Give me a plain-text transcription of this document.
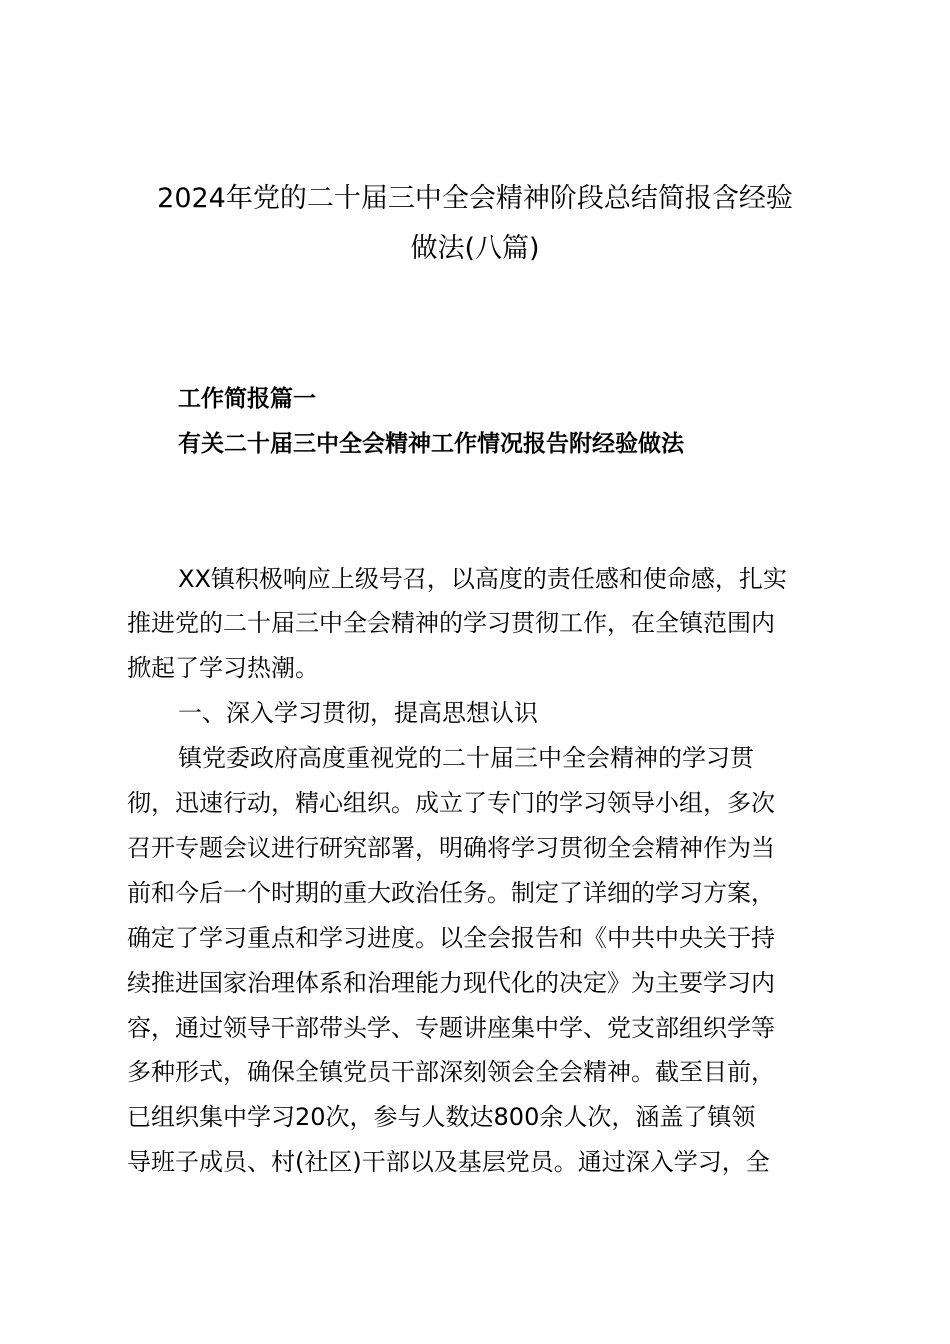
2024年党的二十届三中全会精神阶段总结简报含经验
做法(八篇)
工作简报篇一
有关二十届三中全会精神工作情况报告附经验做法
XX镇积极响应上级号召，以高度的责任感和使命感，扎实
推进党的二十届三中全会精神的学习贯彻工作，在全镇范围内
掀起了学习热潮。
一、深入学习贯彻，提高思想认识
镇党委政府高度重视党的二十届三中全会精神的学习贯
彻，迅速行动，精心组织。成立了专门的学习领导小组，多次
召开专题会议进行研究部署，明确将学习贯彻全会精神作为当
前和今后一个时期的重大政治任务。制定了详细的学习方案，
确定了学习重点和学习进度。以全会报告和《中共中央关于持
续推进国家治理体系和治理能力现代化的决定》为主要学习内
容，通过领导干部带头学、专题讲座集中学、党支部组织学等
多种形式，确保全镇党员干部深刻领会全会精神。截至目前，
已组织集中学习20次，参与人数达800余人次，涵盖了镇领
导班子成员、村(社区)干部以及基层党员。通过深入学习，全
